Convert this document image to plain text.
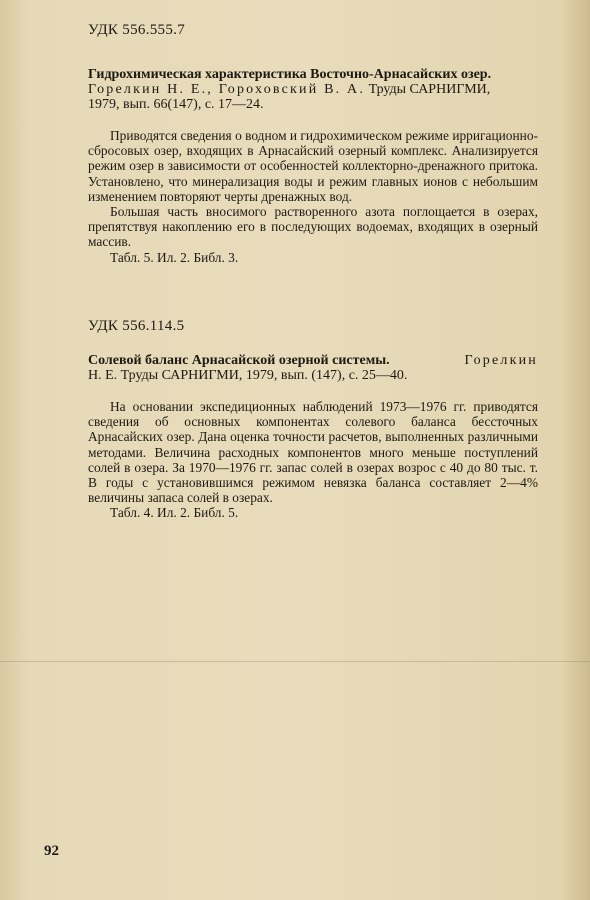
УДК 556.555.7
Гидрохимическая характеристика Восточно-Арнасайских озер.
Горелкин Н. Е., Гороховский В. А. Труды САРНИГМИ,
1979, вып. 66(147), с. 17—24.

Приводятся сведения о водном и гидрохимическом режиме ирригационно-сбросовых озер, входящих в Арнасайский озерный комплекс. Анализируется режим озер в зависимости от особенностей коллекторно-дренажного притока. Установлено, что минерализация воды и режим главных ионов с небольшим изменением повторяют черты дренажных вод.

Большая часть вносимого растворенного азота поглощается в озерах, препятствуя накоплению его в последующих водоемах, входящих в озерный массив.

Табл. 5. Ил. 2. Библ. 3.

УДК 556.114.5
Солевой баланс Арнасайской озерной системы.	Горелкин
Н. Е. Труды САРНИГМИ, 1979, вып. (147), с. 25—40.

На основании экспедиционных наблюдений 1973—1976 гг. приводятся сведения об основных компонентах солевого баланса бессточных Арнасайских озер. Дана оценка точности расчетов, выполненных различными методами. Величина расходных компонентов много меньше поступлений солей в озера. За 1970—1976 гг. запас солей в озерах возрос с 40 до 80 тыс. т. В годы с установившимся режимом невязка баланса составляет 2—4% величины запаса солей в озерах.

Табл. 4. Ил. 2. Библ. 5.

92
